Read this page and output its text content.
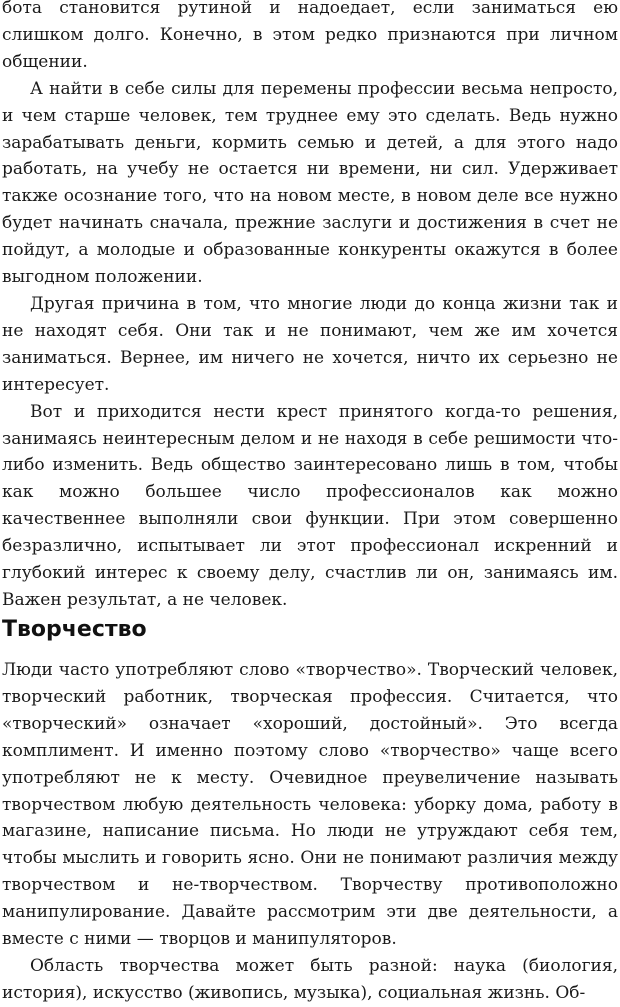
бота становится рутиной и надоедает, если заниматься ею слишком долго. Конечно, в этом редко признаются при личном общении.

А найти в себе силы для перемены профессии весьма непросто, и чем старше человек, тем труднее ему это сделать. Ведь нужно зарабатывать деньги, кормить семью и детей, а для этого надо работать, на учебу не остается ни времени, ни сил. Удерживает также осознание того, что на новом месте, в новом деле все нужно будет начинать сначала, прежние заслуги и достижения в счет не пойдут, а молодые и образованные конкуренты окажутся в более выгодном положении.

Другая причина в том, что многие люди до конца жизни так и не находят себя. Они так и не понимают, чем же им хочется заниматься. Вернее, им ничего не хочется, ничто их серьезно не интересует.

Вот и приходится нести крест принятого когда-то решения, занимаясь неинтересным делом и не находя в себе решимости что-либо изменить. Ведь общество заинтересовано лишь в том, чтобы как можно большее число профессионалов как можно качественнее выполняли свои функции. При этом совершенно безразлично, испытывает ли этот профессионал искренний и глубокий интерес к своему делу, счастлив ли он, занимаясь им. Важен результат, а не человек.

Творчество

Люди часто употребляют слово «творчество». Творческий человек, творческий работник, творческая профессия. Считается, что «творческий» означает «хороший, достойный». Это всегда комплимент. И именно поэтому слово «творчество» чаще всего употребляют не к месту. Очевидное преувеличение называть творчеством любую деятельность человека: уборку дома, работу в магазине, написание письма. Но люди не утруждают себя тем, чтобы мыслить и говорить ясно. Они не понимают различия между творчеством и не-творчеством. Творчеству противоположно манипулирование. Давайте рассмотрим эти две деятельности, а вместе с ними — творцов и манипуляторов.

Область творчества может быть разной: наука (биология, история), искусство (живопись, музыка), социальная жизнь. Об-
